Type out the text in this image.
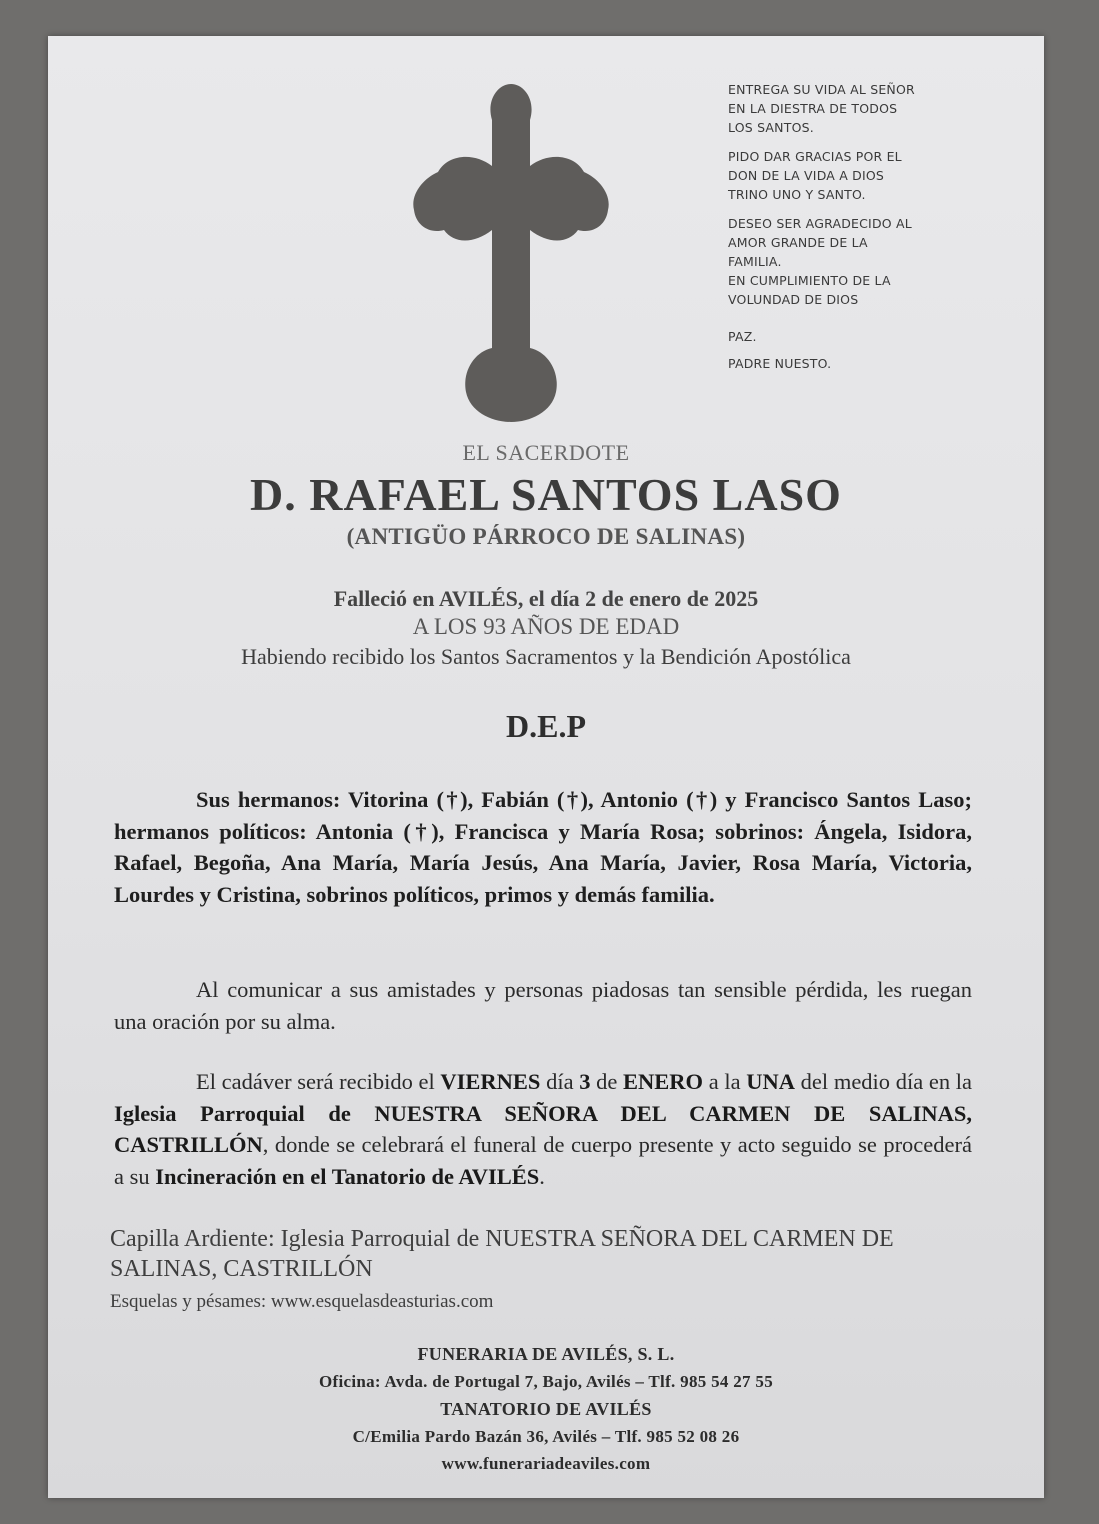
ENTREGA SU VIDA AL SEÑOR
EN LA DIESTRA DE TODOS
LOS SANTOS.

PIDO DAR GRACIAS POR EL
DON DE LA VIDA A DIOS
TRINO UNO Y SANTO.

DESEO SER AGRADECIDO AL
AMOR GRANDE DE LA
FAMILIA.
EN CUMPLIMIENTO DE LA
VOLUNDAD DE DIOS

PAZ.

PADRE NUESTO.

EL SACERDOTE
D. RAFAEL SANTOS LASO
(ANTIGÜO PÁRROCO DE SALINAS)
Falleció en AVILÉS, el día 2 de enero de 2025
A LOS 93 AÑOS DE EDAD
Habiendo recibido los Santos Sacramentos y la Bendición Apostólica
D.E.P

Sus hermanos: Vitorina (†), Fabián (†), Antonio (†) y Francisco Santos Laso; hermanos políticos: Antonia (†), Francisca y María Rosa; sobrinos: Ángela, Isidora, Rafael, Begoña, Ana María, María Jesús, Ana María, Javier, Rosa María, Victoria, Lourdes y Cristina, sobrinos políticos, primos y demás familia.

Al comunicar a sus amistades y personas piadosas tan sensible pérdida, les ruegan una oración por su alma.

El cadáver será recibido el VIERNES día 3 de ENERO a la UNA del medio día en la Iglesia Parroquial de NUESTRA SEÑORA DEL CARMEN DE SALINAS, CASTRILLÓN, donde se celebrará el funeral de cuerpo presente y acto seguido se procederá a su Incineración en el Tanatorio de AVILÉS.

Capilla Ardiente: Iglesia Parroquial de NUESTRA SEÑORA DEL CARMEN DE SALINAS, CASTRILLÓN
Esquelas y pésames: www.esquelasdeasturias.com
FUNERARIA DE AVILÉS, S. L.
Oficina: Avda. de Portugal 7, Bajo, Avilés – Tlf. 985 54 27 55
TANATORIO DE AVILÉS
C/Emilia Pardo Bazán 36, Avilés – Tlf. 985 52 08 26
www.funerariadeaviles.com
